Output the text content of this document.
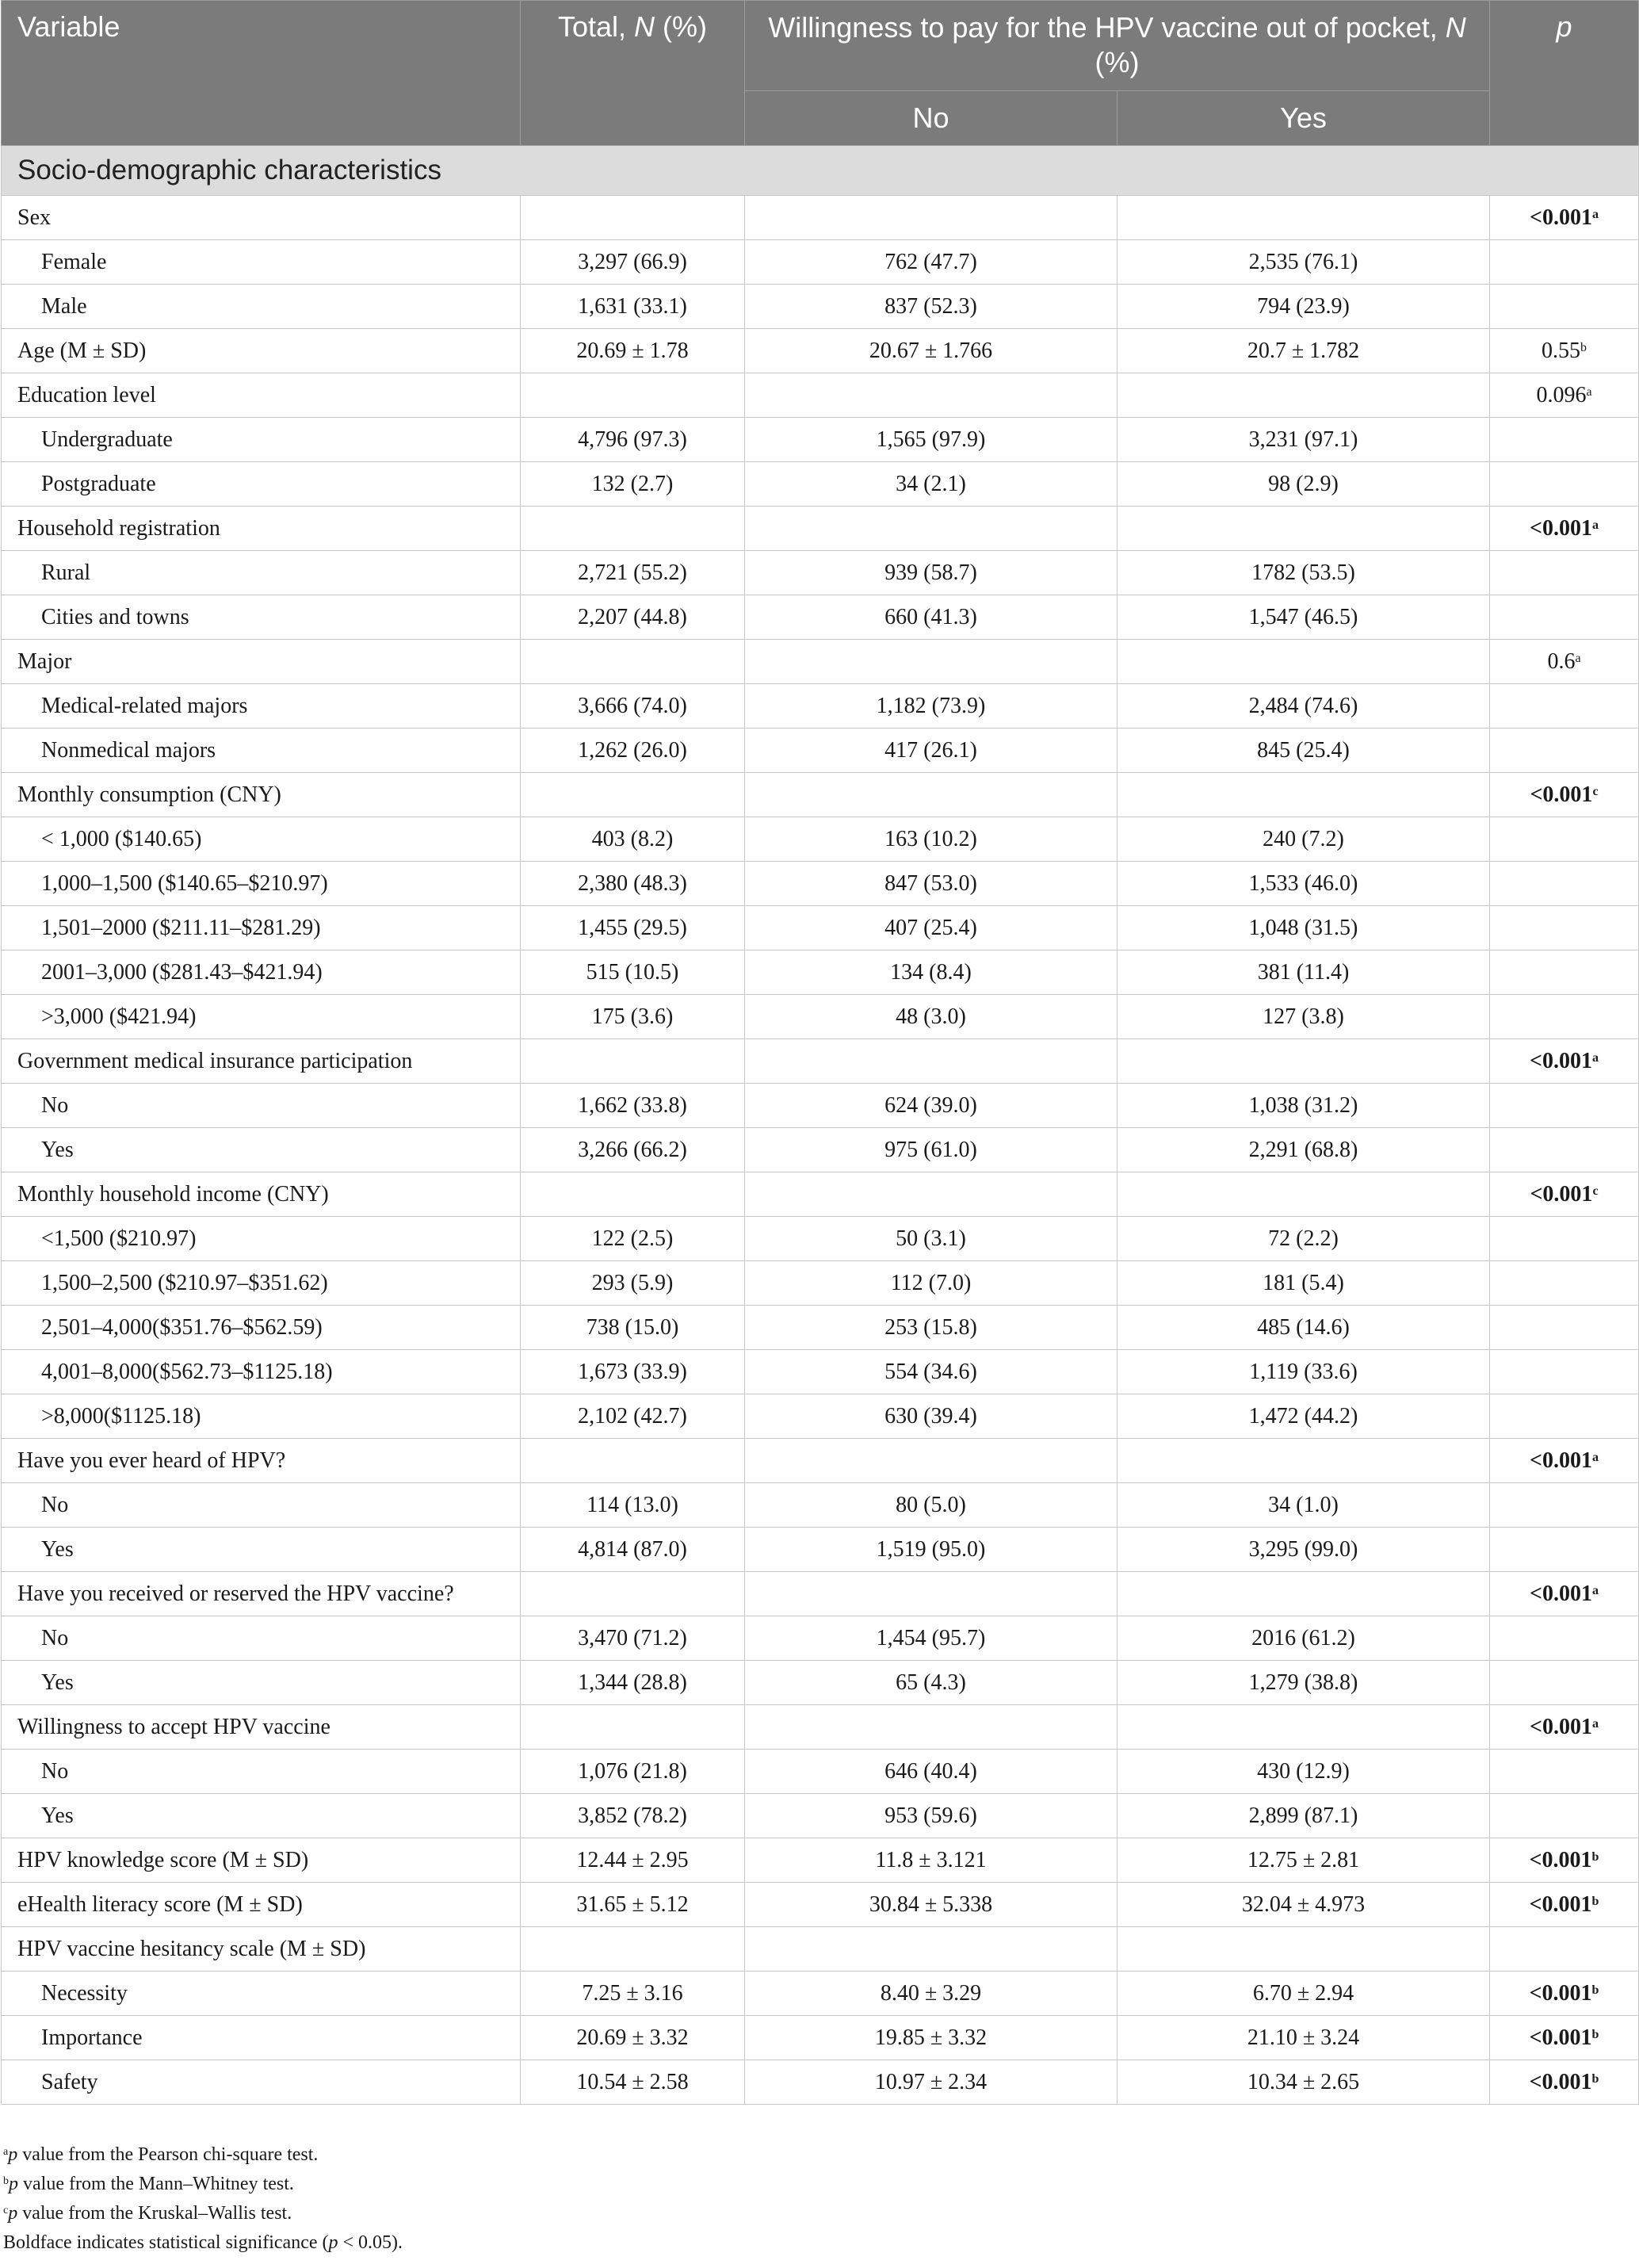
Variable	Total, N (%)	Willingness to pay for the HPV vaccine out of pocket, N (%)		p
		No	Yes	
Socio-demographic characteristics				
Sex				<0.001$^a$
Female	3,297 (66.9)	762 (47.7)	2,535 (76.1)	
Male	1,631 (33.1)	837 (52.3)	794 (23.9)	
Age (M ± SD)	20.69 ± 1.78	20.67 ± 1.766	20.7 ± 1.782	0.55$^b$
Education level				0.096$^a$
Undergraduate	4,796 (97.3)	1,565 (97.9)	3,231 (97.1)	
Postgraduate	132 (2.7)	34 (2.1)	98 (2.9)	
Household registration				<0.001$^a$
Rural	2,721 (55.2)	939 (58.7)	1782 (53.5)	
Cities and towns	2,207 (44.8)	660 (41.3)	1,547 (46.5)	
Major				0.6$^a$
Medical-related majors	3,666 (74.0)	1,182 (73.9)	2,484 (74.6)	
Nonmedical majors	1,262 (26.0)	417 (26.1)	845 (25.4)	
Monthly consumption (CNY)				<0.001$^c$
< 1,000 ($140.65)	403 (8.2)	163 (10.2)	240 (7.2)	
1,000–1,500 ($140.65–$210.97)	2,380 (48.3)	847 (53.0)	1,533 (46.0)	
1,501–2000 ($211.11–$281.29)	1,455 (29.5)	407 (25.4)	1,048 (31.5)	
2001–3,000 ($281.43–$421.94)	515 (10.5)	134 (8.4)	381 (11.4)	
>3,000 ($421.94)	175 (3.6)	48 (3.0)	127 (3.8)	
Government medical insurance participation				<0.001$^a$
No	1,662 (33.8)	624 (39.0)	1,038 (31.2)	
Yes	3,266 (66.2)	975 (61.0)	2,291 (68.8)	
Monthly household income (CNY)				<0.001$^c$
<1,500 ($210.97)	122 (2.5)	50 (3.1)	72 (2.2)	
1,500–2,500 ($210.97–$351.62)	293 (5.9)	112 (7.0)	181 (5.4)	
2,501–4,000($351.76–$562.59)	738 (15.0)	253 (15.8)	485 (14.6)	
4,001–8,000($562.73–$1125.18)	1,673 (33.9)	554 (34.6)	1,119 (33.6)	
>8,000($1125.18)	2,102 (42.7)	630 (39.4)	1,472 (44.2)	
Have you ever heard of HPV?				<0.001$^a$
No	114 (13.0)	80 (5.0)	34 (1.0)	
Yes	4,814 (87.0)	1,519 (95.0)	3,295 (99.0)	
Have you received or reserved the HPV vaccine?				<0.001$^a$
No	3,470 (71.2)	1,454 (95.7)	2016 (61.2)	
Yes	1,344 (28.8)	65 (4.3)	1,279 (38.8)	
Willingness to accept HPV vaccine				<0.001$^a$
No	1,076 (21.8)	646 (40.4)	430 (12.9)	
Yes	3,852 (78.2)	953 (59.6)	2,899 (87.1)	
HPV knowledge score (M ± SD)	12.44 ± 2.95	11.8 ± 3.121	12.75 ± 2.81	<0.001$^b$
eHealth literacy score (M ± SD)	31.65 ± 5.12	30.84 ± 5.338	32.04 ± 4.973	<0.001$^b$
HPV vaccine hesitancy scale (M ± SD)				
Necessity	7.25 ± 3.16	8.40 ± 3.29	6.70 ± 2.94	<0.001$^b$
Importance	20.69 ± 3.32	19.85 ± 3.32	21.10 ± 3.24	<0.001$^b$
Safety	10.54 ± 2.58	10.97 ± 2.34	10.34 ± 2.65	<0.001$^b$
$^a$p value from the Pearson chi-square test.
$^b$p value from the Mann–Whitney test.
$^c$p value from the Kruskal–Wallis test.
Boldface indicates statistical significance (p < 0.05).
